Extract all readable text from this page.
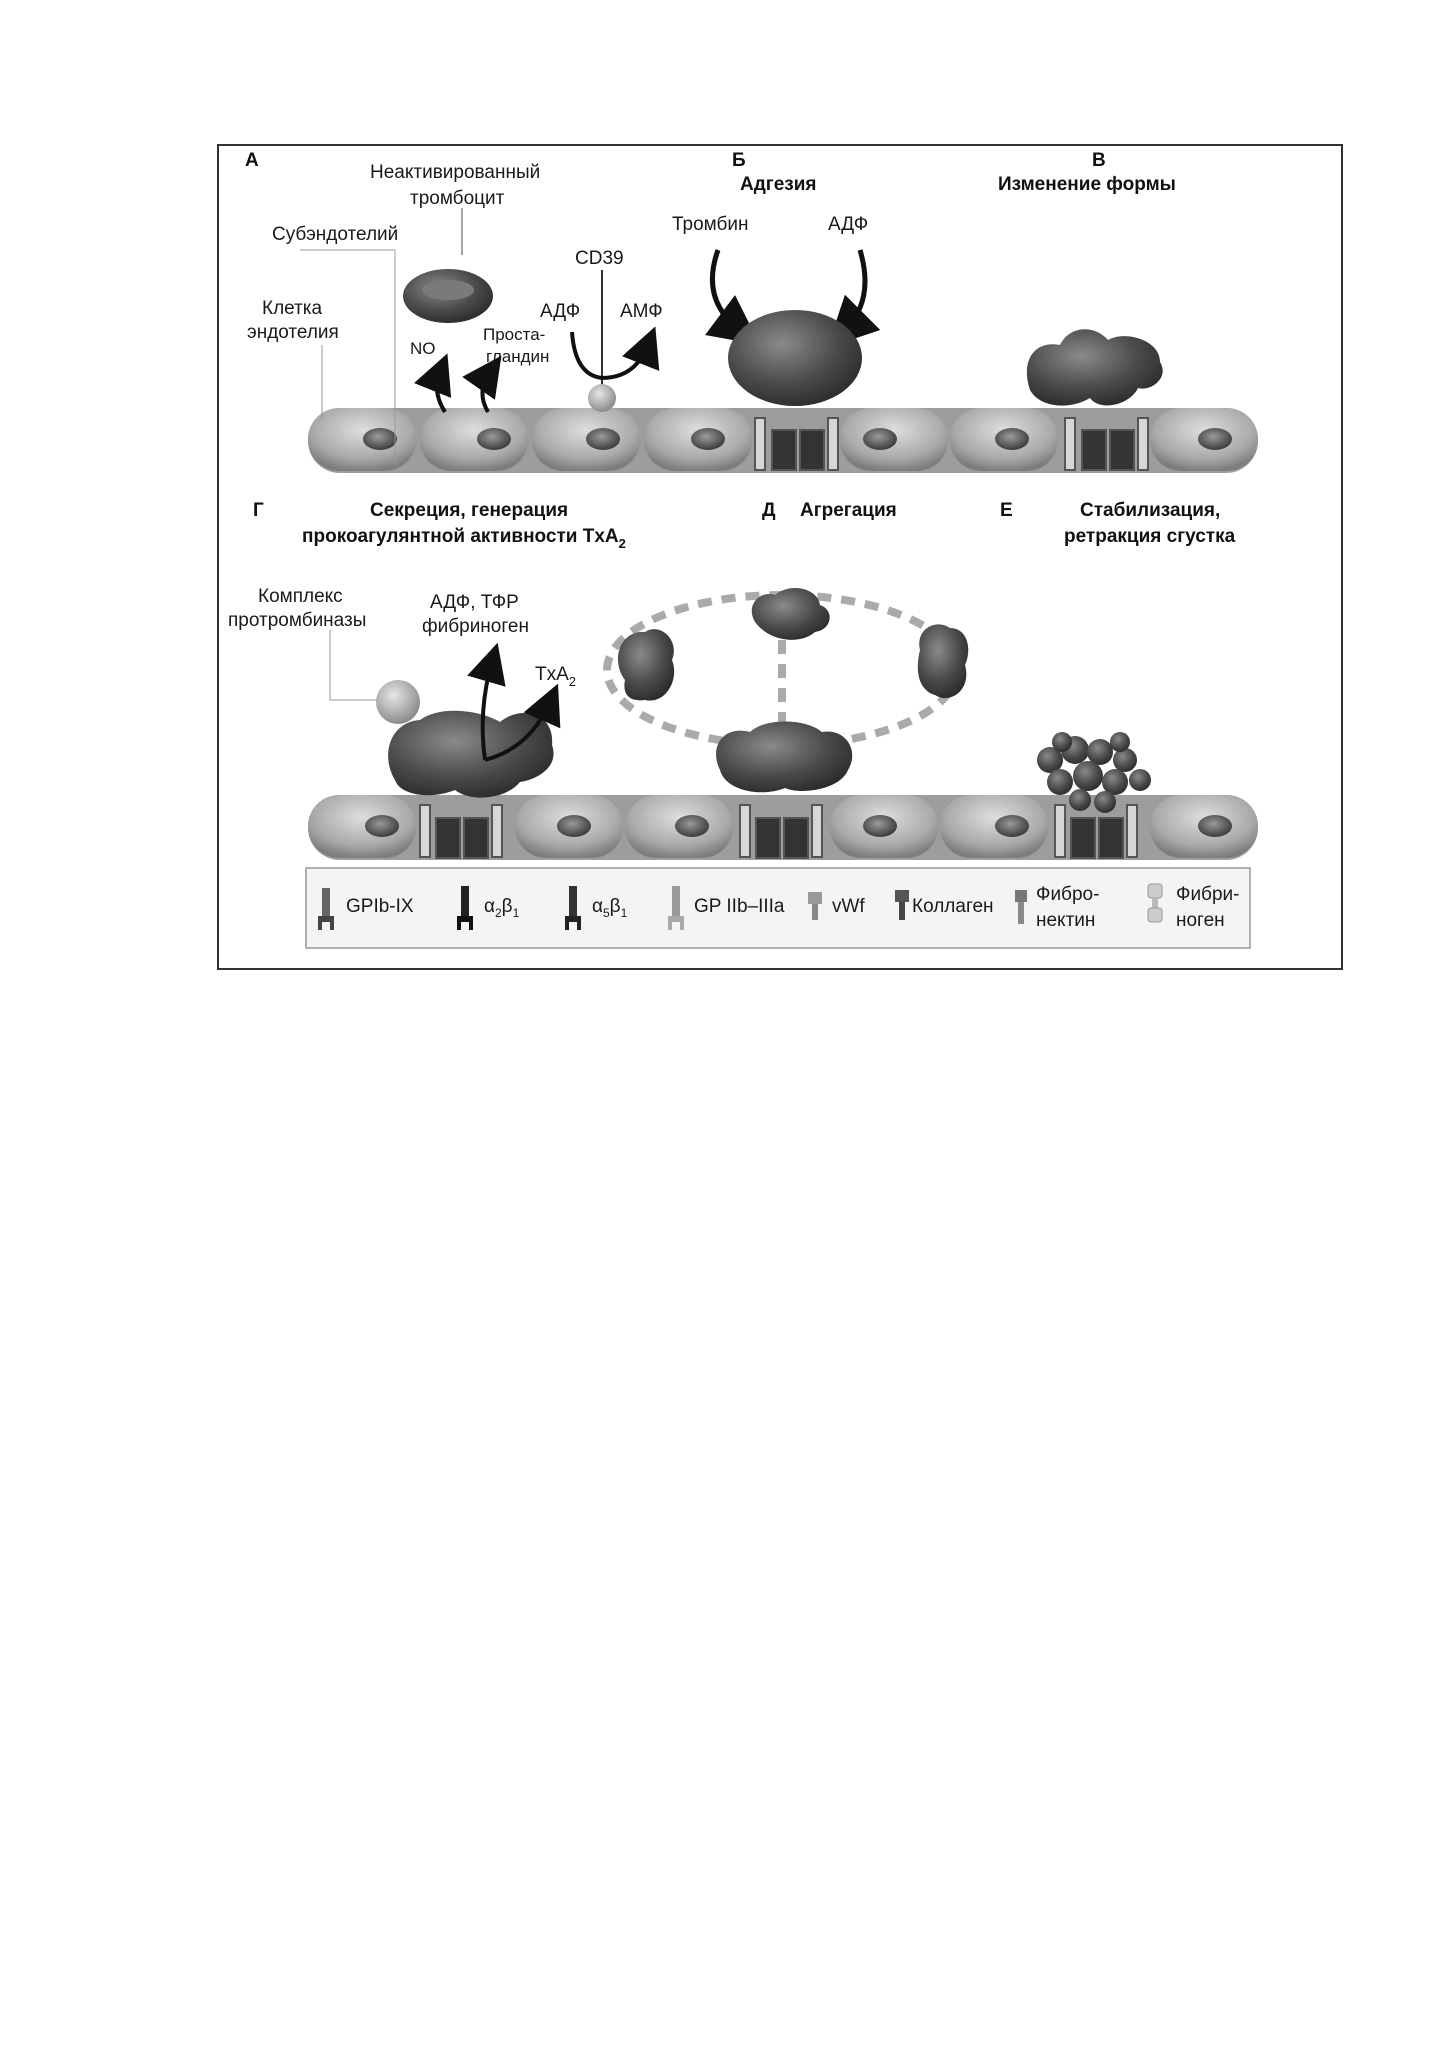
А
Неактивированный
тромбоцит
Субэндотелий
Клетка
эндотелия
NO
Проста-
гландин
CD39
АДФ АМФ
Б
Адгезия
Тромбин	АДФ
В
Изменение формы
Г	Секреция, генерация
прокоагулянтной активности TxA$_2$
Комплекс
протромбиназы
АДФ, ТФР
фибриноген
TxA$_2$
Д Агрегация	Е	Стабилизация,
ретракция сгустка
GPIb-IX	$\alpha_2\beta_1$	$\alpha_5\beta_1$	GP IIb–IIIa	vWf Коллаген
Фибро-
нектин
Фибри-
ноген
